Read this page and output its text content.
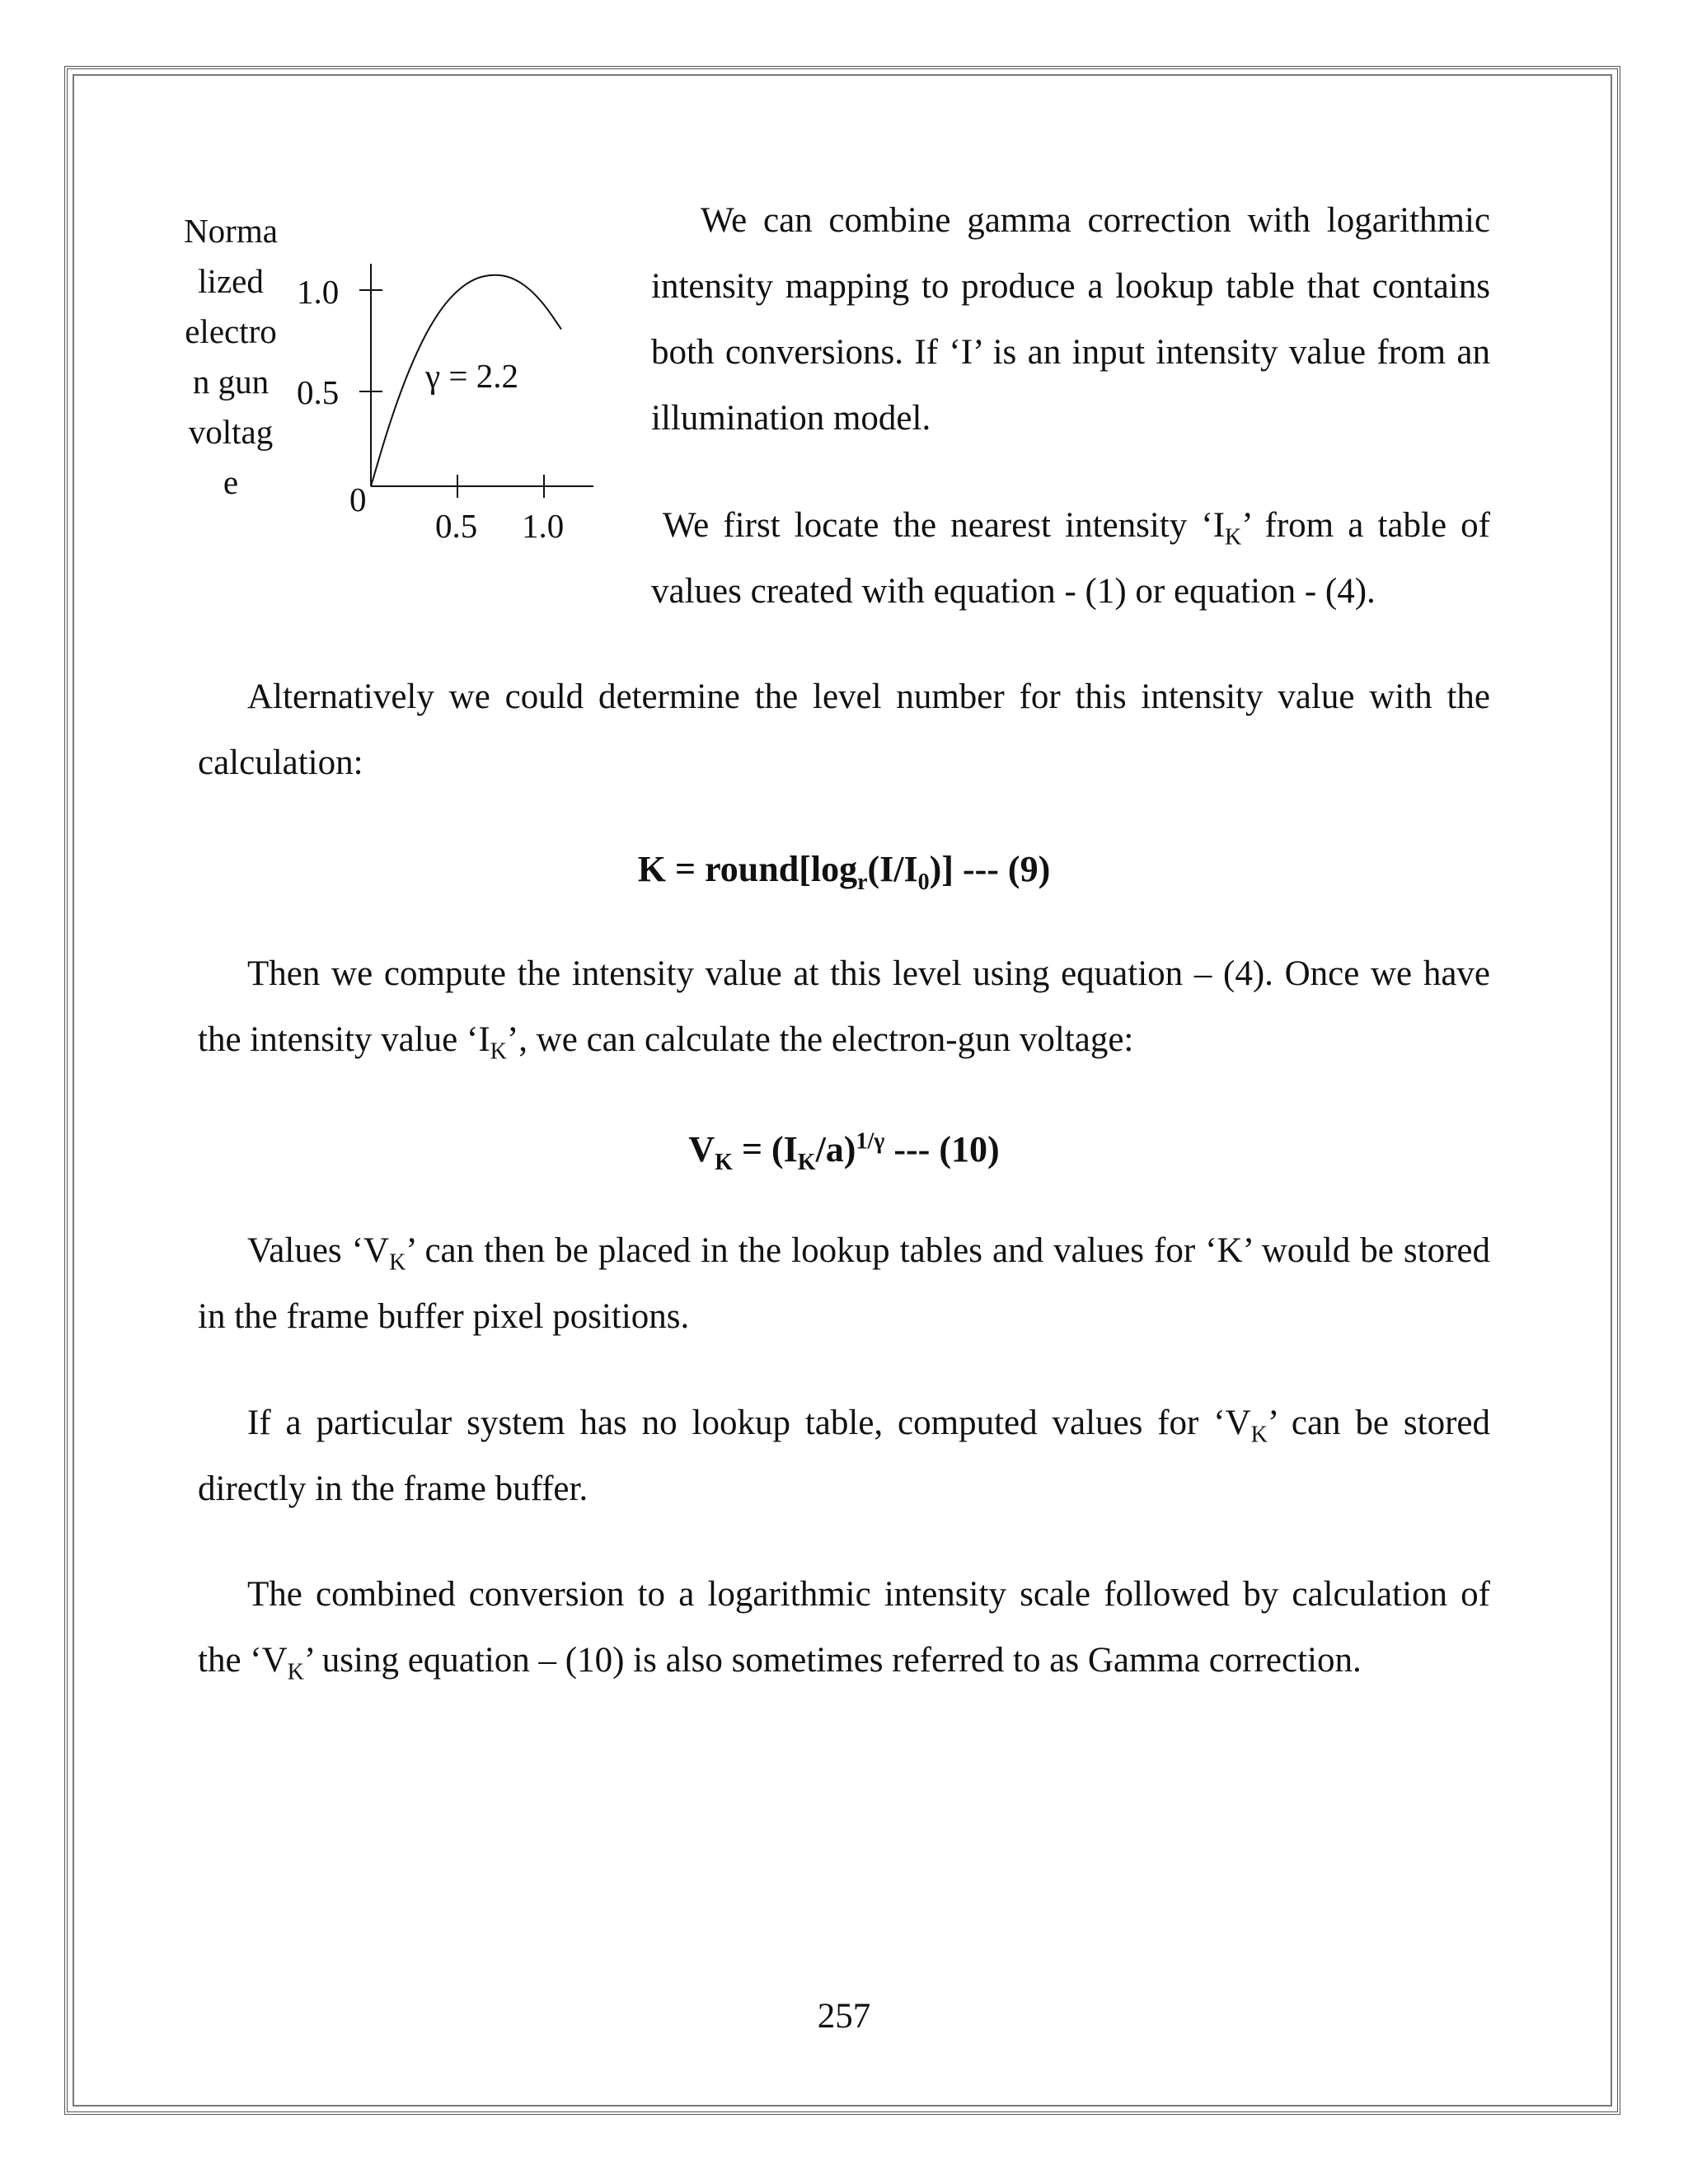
Norma
lized
electro
n gun
voltag
e
1.0
0.5
0
0.5 1.0
γ = 2.2

We can combine gamma correction with logarithmic intensity mapping to produce a lookup table that contains both conversions. If ‘I’ is an input intensity value from an illumination model.

We first locate the nearest intensity ‘$I_K$’ from a table of values created with equation - (1) or equation - (4).

Alternatively we could determine the level number for this intensity value with the calculation:

$K = round[\log_r(I/I_0)]$ --- (9)

Then we compute the intensity value at this level using equation – (4). Once we have the intensity value ‘$I_K$’, we can calculate the electron-gun voltage:

$V_K = (I_K/a)^{1/\gamma}$ --- (10)

Values ‘$V_K$’ can then be placed in the lookup tables and values for ‘K’ would be stored in the frame buffer pixel positions.

If a particular system has no lookup table, computed values for ‘$V_K$’ can be stored directly in the frame buffer.

The combined conversion to a logarithmic intensity scale followed by calculation of the ‘$V_K$’ using equation – (10) is also sometimes referred to as Gamma correction.

257
